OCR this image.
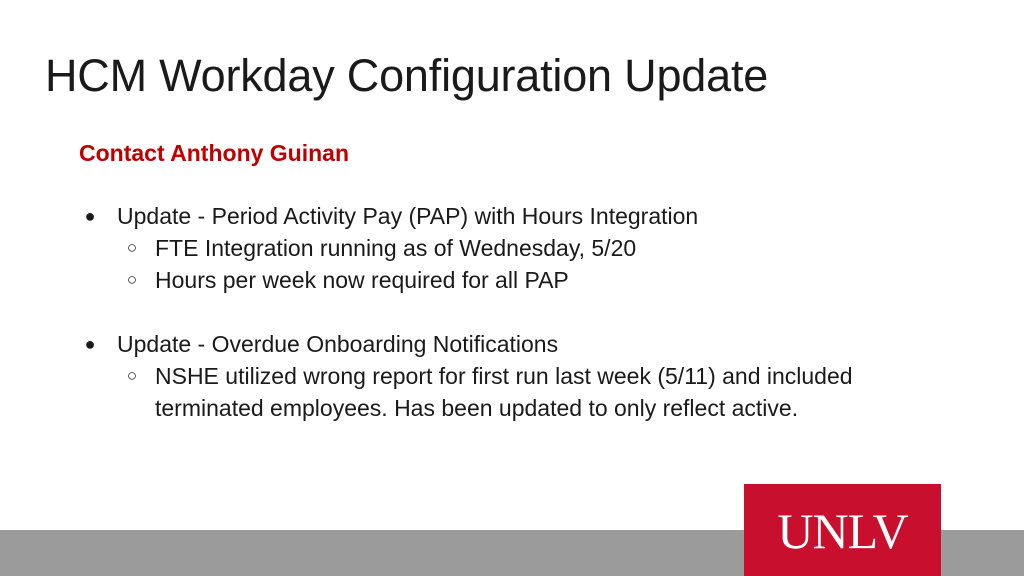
HCM Workday Configuration Update
Contact Anthony Guinan
● Update - Period Activity Pay (PAP) with Hours Integration
○ FTE Integration running as of Wednesday, 5/20
○ Hours per week now required for all PAP
● Update - Overdue Onboarding Notifications
○ NSHE utilized wrong report for first run last week (5/11) and included
terminated employees. Has been updated to only reflect active.
UNLV
